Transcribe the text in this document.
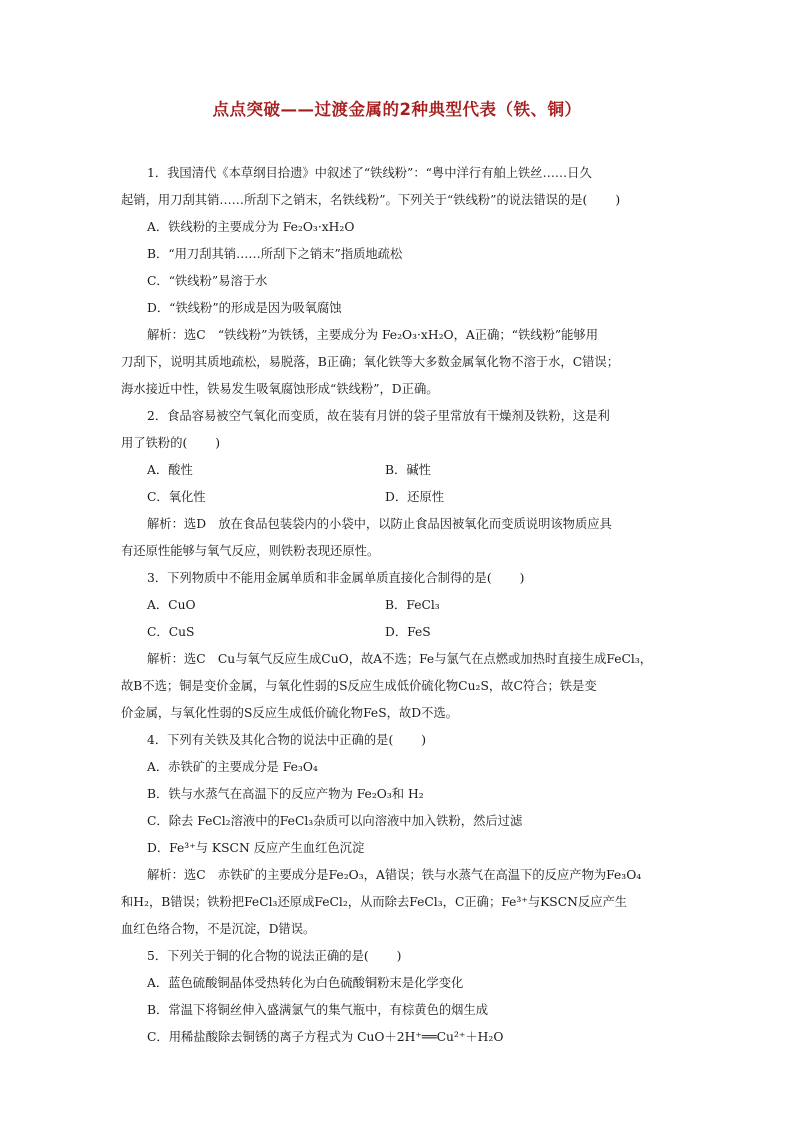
点点突破——过渡金属的2种典型代表（铁、铜）
1．我国清代《本草纲目拾遗》中叙述了“铁线粉”：“粤中洋行有舶上铁丝……日久
起销，用刀刮其销……所刮下之销末，名铁线粉”。下列关于“铁线粉”的说法错误的是( )
A．铁线粉的主要成分为 Fe₂O₃·xH₂O
B．“用刀刮其销……所刮下之销末”指质地疏松
C．“铁线粉”易溶于水
D．“铁线粉”的形成是因为吸氧腐蚀
解析：选C　“铁线粉”为铁锈，主要成分为 Fe₂O₃·xH₂O，A正确；“铁线粉”能够用
刀刮下，说明其质地疏松，易脱落，B正确；氧化铁等大多数金属氧化物不溶于水，C错误；
海水接近中性，铁易发生吸氧腐蚀形成“铁线粉”，D正确。
2．食品容易被空气氧化而变质，故在装有月饼的袋子里常放有干燥剂及铁粉，这是利
用了铁粉的( )
A．酸性	B．碱性
C．氧化性	D．还原性
解析：选D　放在食品包装袋内的小袋中，以防止食品因被氧化而变质说明该物质应具
有还原性能够与氧气反应，则铁粉表现还原性。
3．下列物质中不能用金属单质和非金属单质直接化合制得的是( )
A．CuO	B．FeCl₃
C．CuS	D．FeS
解析：选C　Cu与氧气反应生成CuO，故A不选；Fe与氯气在点燃或加热时直接生成FeCl₃，
故B不选；铜是变价金属，与氧化性弱的S反应生成低价硫化物Cu₂S，故C符合；铁是变
价金属，与氧化性弱的S反应生成低价硫化物FeS，故D不选。
4．下列有关铁及其化合物的说法中正确的是( )
A．赤铁矿的主要成分是 Fe₃O₄
B．铁与水蒸气在高温下的反应产物为 Fe₂O₃和 H₂
C．除去 FeCl₂溶液中的FeCl₃杂质可以向溶液中加入铁粉，然后过滤
D．Fe³⁺与 KSCN 反应产生血红色沉淀
解析：选C　赤铁矿的主要成分是Fe₂O₃，A错误；铁与水蒸气在高温下的反应产物为Fe₃O₄
和H₂，B错误；铁粉把FeCl₃还原成FeCl₂，从而除去FeCl₃，C正确；Fe³⁺与KSCN反应产生
血红色络合物，不是沉淀，D错误。
5．下列关于铜的化合物的说法正确的是( )
A．蓝色硫酸铜晶体受热转化为白色硫酸铜粉末是化学变化
B．常温下将铜丝伸入盛满氯气的集气瓶中，有棕黄色的烟生成
C．用稀盐酸除去铜锈的离子方程式为 CuO＋2H⁺══Cu²⁺＋H₂O
